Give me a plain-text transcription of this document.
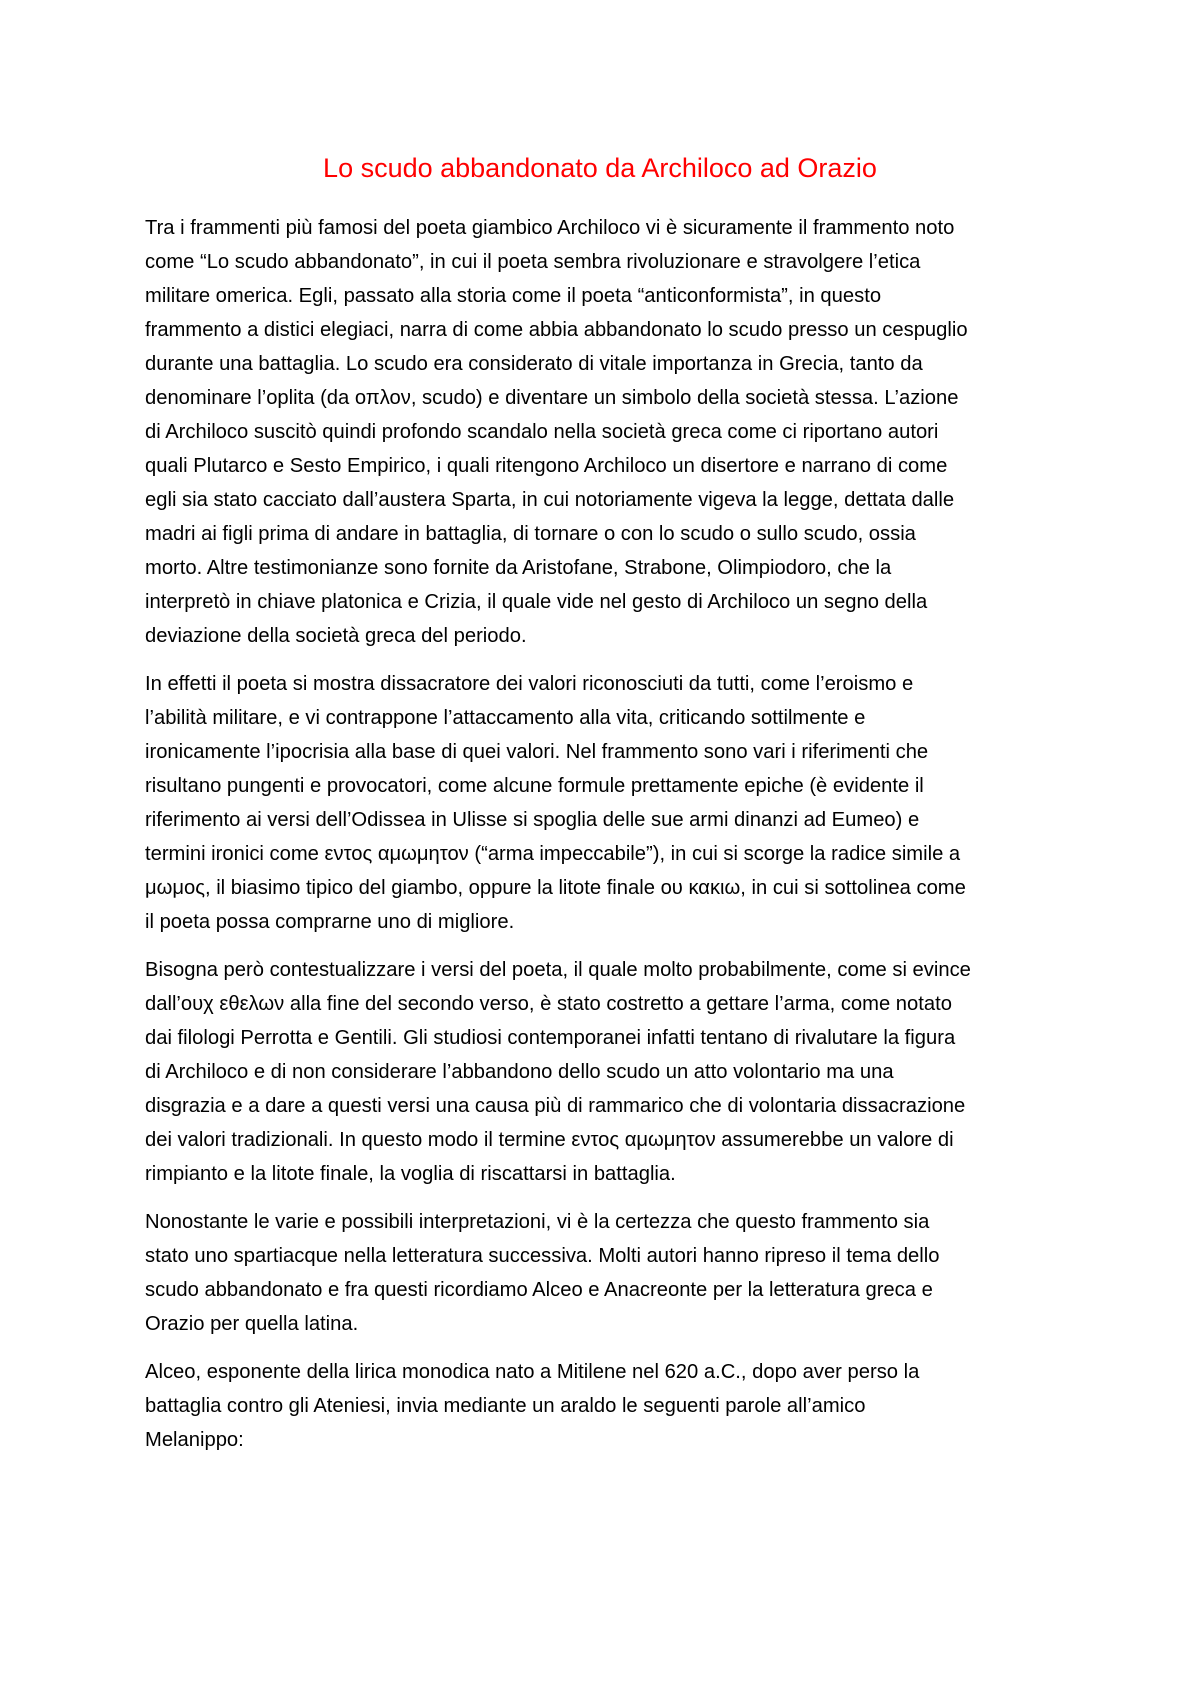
Lo scudo abbandonato da Archiloco ad Orazio

Tra i frammenti più famosi del poeta giambico Archiloco vi è sicuramente il frammento noto
come “Lo scudo abbandonato”, in cui il poeta sembra rivoluzionare e stravolgere l’etica
militare omerica. Egli, passato alla storia come il poeta “anticonformista”, in questo
frammento a distici elegiaci, narra di come abbia abbandonato lo scudo presso un cespuglio
durante una battaglia. Lo scudo era considerato di vitale importanza in Grecia, tanto da
denominare l’oplita (da οπλον, scudo) e diventare un simbolo della società stessa. L’azione
di Archiloco suscitò quindi profondo scandalo nella società greca come ci riportano autori
quali Plutarco e Sesto Empirico, i quali ritengono Archiloco un disertore e narrano di come
egli sia stato cacciato dall’austera Sparta, in cui notoriamente vigeva la legge, dettata dalle
madri ai figli prima di andare in battaglia, di tornare o con lo scudo o sullo scudo, ossia
morto. Altre testimonianze sono fornite da Aristofane, Strabone, Olimpiodoro, che la
interpretò in chiave platonica e Crizia, il quale vide nel gesto di Archiloco un segno della
deviazione della società greca del periodo.

In effetti il poeta si mostra dissacratore dei valori riconosciuti da tutti, come l’eroismo e
l’abilità militare, e vi contrappone l’attaccamento alla vita, criticando sottilmente e
ironicamente l’ipocrisia alla base di quei valori. Nel frammento sono vari i riferimenti che
risultano pungenti e provocatori, come alcune formule prettamente epiche (è evidente il
riferimento ai versi dell’Odissea in Ulisse si spoglia delle sue armi dinanzi ad Eumeo) e
termini ironici come εντος αμωμητον (“arma impeccabile”), in cui si scorge la radice simile a
μωμος, il biasimo tipico del giambo, oppure la litote finale ου κακιω, in cui si sottolinea come
il poeta possa comprarne uno di migliore.

Bisogna però contestualizzare i versi del poeta, il quale molto probabilmente, come si evince
dall’ουχ εθελων alla fine del secondo verso, è stato costretto a gettare l’arma, come notato
dai filologi Perrotta e Gentili. Gli studiosi contemporanei infatti tentano di rivalutare la figura
di Archiloco e di non considerare l’abbandono dello scudo un atto volontario ma una
disgrazia e a dare a questi versi una causa più di rammarico che di volontaria dissacrazione
dei valori tradizionali. In questo modo il termine εντος αμωμητον assumerebbe un valore di
rimpianto e la litote finale, la voglia di riscattarsi in battaglia.

Nonostante le varie e possibili interpretazioni, vi è la certezza che questo frammento sia
stato uno spartiacque nella letteratura successiva. Molti autori hanno ripreso il tema dello
scudo abbandonato e fra questi ricordiamo Alceo e Anacreonte per la letteratura greca e
Orazio per quella latina.

Alceo, esponente della lirica monodica nato a Mitilene nel 620 a.C., dopo aver perso la
battaglia contro gli Ateniesi, invia mediante un araldo le seguenti parole all’amico
Melanippo:
